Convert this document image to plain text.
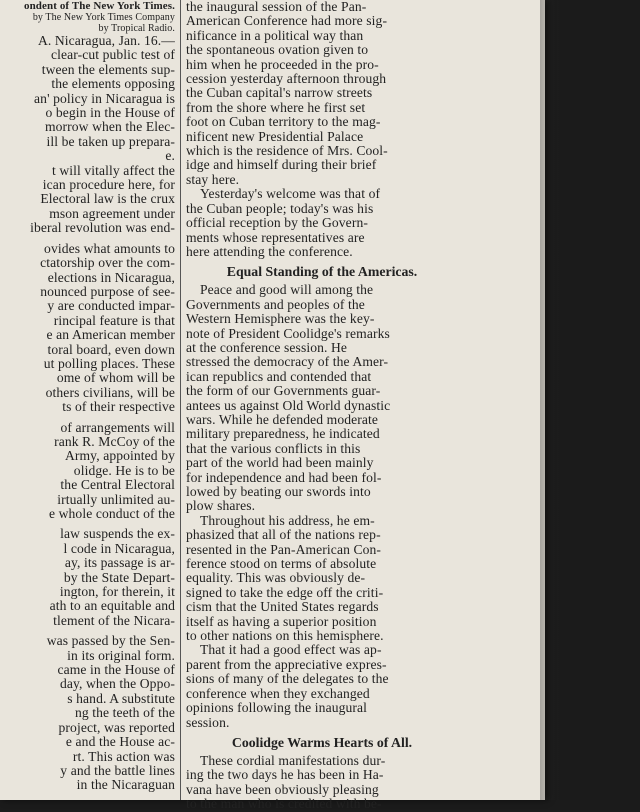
ondent of The New York Times.
by The New York Times Company
by Tropical Radio.
A. Nicaragua, Jan. 16.—
clear-cut public test of
tween the elements sup-
the elements opposing
an' policy in Nicaragua is
o begin in the House of
morrow when the Elec-
ill be taken up prepara-
e.
t will vitally affect the
ican procedure here, for
Electoral law is the crux
mson agreement under
iberal revolution was end-
ovides what amounts to
ctatorship over the com-
elections in Nicaragua,
nounced purpose of see-
y are conducted impar-
rincipal feature is that
e an American member
toral board, even down
ut polling places. These
ome of whom will be
others civilians, will be
ts of their respective
of arrangements will
rank R. McCoy of the
Army, appointed by
olidge. He is to be
the Central Electoral
irtually unlimited au-
e whole conduct of the
law suspends the ex-
l code in Nicaragua,
ay, its passage is ar-
by the State Depart-
ington, for therein, it
ath to an equitable and
tlement of the Nicara-
was passed by the Sen-
in its original form.
came in the House of
day, when the Oppo-
s hand. A substitute
ng the teeth of the
project, was reported
e and the House ac-
rt. This action was
y and the battle lines
in the Nicaraguan
the inaugural session of the Pan-
American Conference had more sig-
nificance in a political way than
the spontaneous ovation given to
him when he proceeded in the pro-
cession yesterday afternoon through
the Cuban capital's narrow streets
from the shore where he first set
foot on Cuban territory to the mag-
nificent new Presidential Palace
which is the residence of Mrs. Cool-
idge and himself during their brief
stay here.
Yesterday's welcome was that of
the Cuban people; today's was his
official reception by the Govern-
ments whose representatives are
here attending the conference.
Equal Standing of the Americas.
Peace and good will among the
Governments and peoples of the
Western Hemisphere was the key-
note of President Coolidge's remarks
at the conference session. He
stressed the democracy of the Amer-
ican republics and contended that
the form of our Governments guar-
antees us against Old World dynastic
wars. While he defended moderate
military preparedness, he indicated
that the various conflicts in this
part of the world had been mainly
for independence and had been fol-
lowed by beating our swords into
plow shares.
Throughout his address, he em-
phasized that all of the nations rep-
resented in the Pan-American Con-
ference stood on terms of absolute
equality. This was obviously de-
signed to take the edge off the criti-
cism that the United States regards
itself as having a superior position
to other nations on this hemisphere.
That it had a good effect was ap-
parent from the appreciative expres-
sions of many of the delegates to the
conference when they exchanged
opinions following the inaugural
session.
Coolidge Warms Hearts of All.
These cordial manifestations dur-
ing the two days he has been in Ha-
vana have been obviously pleasing
to the man who is credited with be-
